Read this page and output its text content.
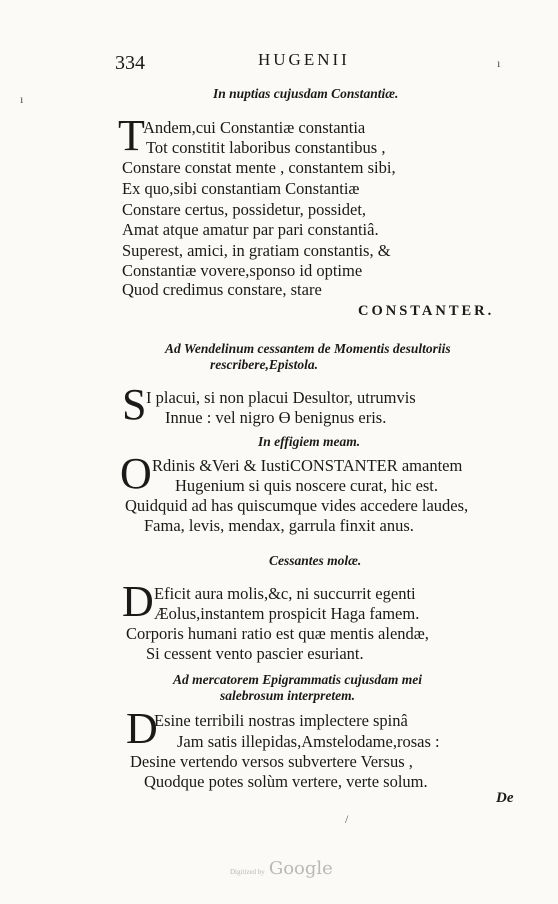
334	HUGENII	ı
ı	In nuptias cujusdam Constantiæ.
T
Andem,cui Constantiæ constantia
Tot constitit laboribus constantibus ,
Constare constat mente , constantem sibi,
Ex quo,sibi constantiam Constantiæ
Constare certus, possidetur, possidet,
Amat atque amatur par pari constantiâ.
Superest, amici, in gratiam constantis, &
Constantiæ vovere,sponso id optime
Quod credimus constare, stare
CONSTANTER.
Ad Wendelinum cessantem de Momentis desultoriis
rescribere,Epistola.
S I placui, si non placui Desultor, utrumvis
Innue : vel nigro ϴ benignus eris.
In effigiem meam.
O Rdinis &Veri & IustiCONSTANTER amantem
Hugenium si quis noscere curat, hic est.
Quidquid ad has quiscumque vides accedere laudes,
Fama, levis, mendax, garrula finxit anus.
Cessantes molæ.
D Eficit aura molis,&c, ni succurrit egenti
Æolus,instantem prospicit Haga famem.
Corporis humani ratio est quæ mentis alendæ,
Si cessent vento pascier esuriant.
Ad mercatorem Epigrammatis cujusdam mei
salebrosum interpretem.
D
Esine terribili nostras implectere spinâ
Jam satis illepidas,Amstelodame,rosas :
Desine vertendo versos subvertere Versus ,
Quodque potes solùm vertere, verte solum.
De
/
Digitized by Google
